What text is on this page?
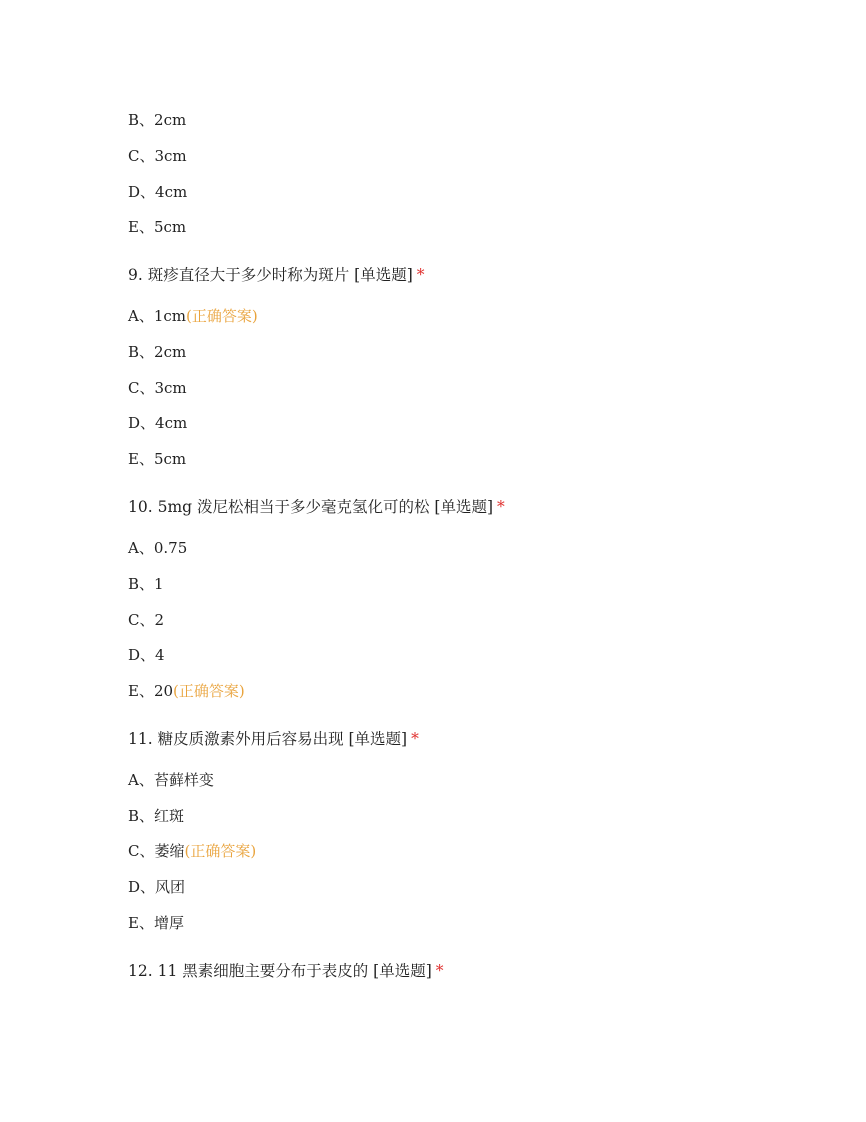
B、2cm
C、3cm
D、4cm
E、5cm
9. 斑疹直径大于多少时称为斑片 [单选题] *
A、1cm(正确答案)
B、2cm
C、3cm
D、4cm
E、5cm
10. 5mg 泼尼松相当于多少毫克氢化可的松 [单选题] *
A、0.75
B、1
C、2
D、4
E、20(正确答案)
11. 糖皮质激素外用后容易出现 [单选题] *
A、苔藓样变
B、红斑
C、萎缩(正确答案)
D、风团
E、增厚
12. 11 黑素细胞主要分布于表皮的 [单选题] *
